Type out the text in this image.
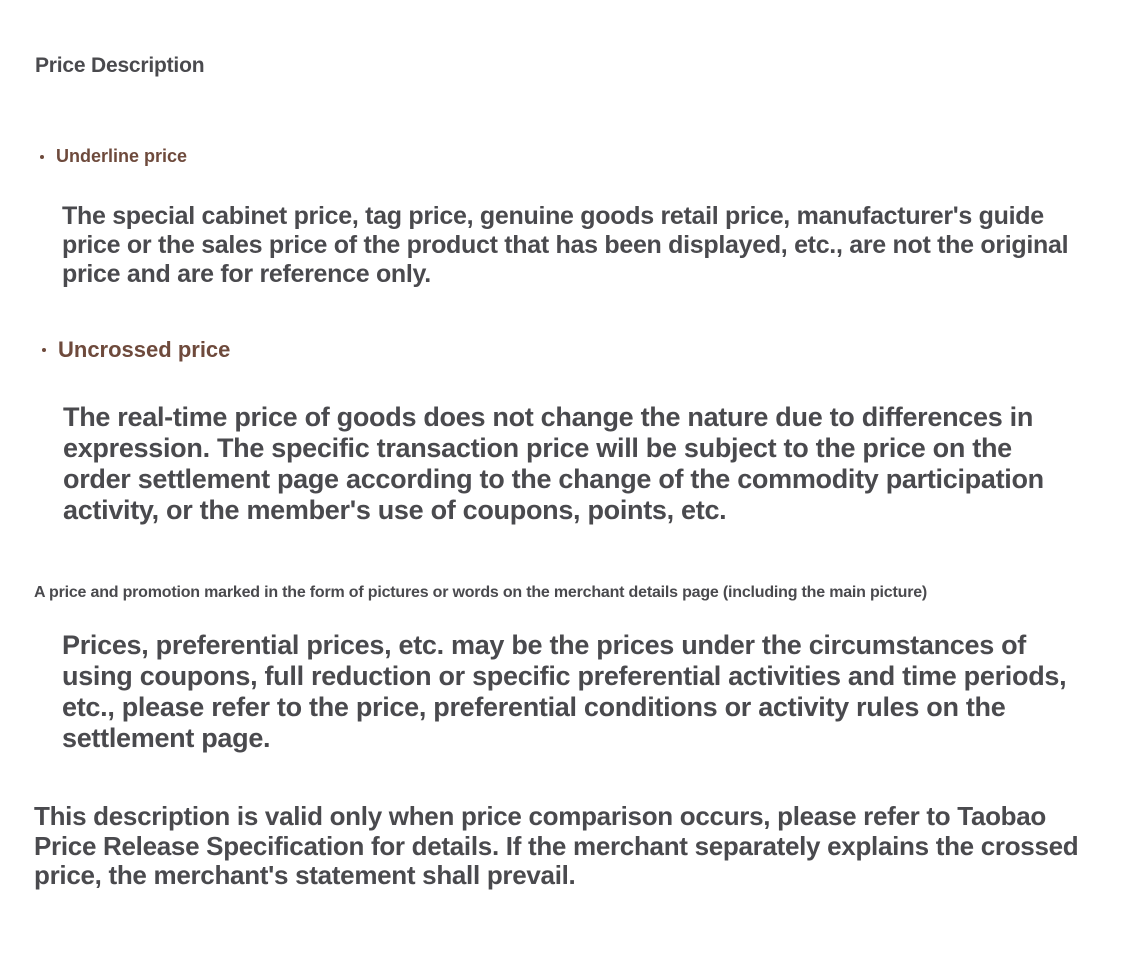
Price Description
Underline price

The special cabinet price, tag price, genuine goods retail price, manufacturer's guide price or the sales price of the product that has been displayed, etc., are not the original price and are for reference only.

Uncrossed price

The real-time price of goods does not change the nature due to differences in expression. The specific transaction price will be subject to the price on the order settlement page according to the change of the commodity participation activity, or the member's use of coupons, points, etc.

A price and promotion marked in the form of pictures or words on the merchant details page (including the main picture)

Prices, preferential prices, etc. may be the prices under the circumstances of using coupons, full reduction or specific preferential activities and time periods, etc., please refer to the price, preferential conditions or activity rules on the settlement page.

This description is valid only when price comparison occurs, please refer to Taobao Price Release Specification for details. If the merchant separately explains the crossed price, the merchant's statement shall prevail.
